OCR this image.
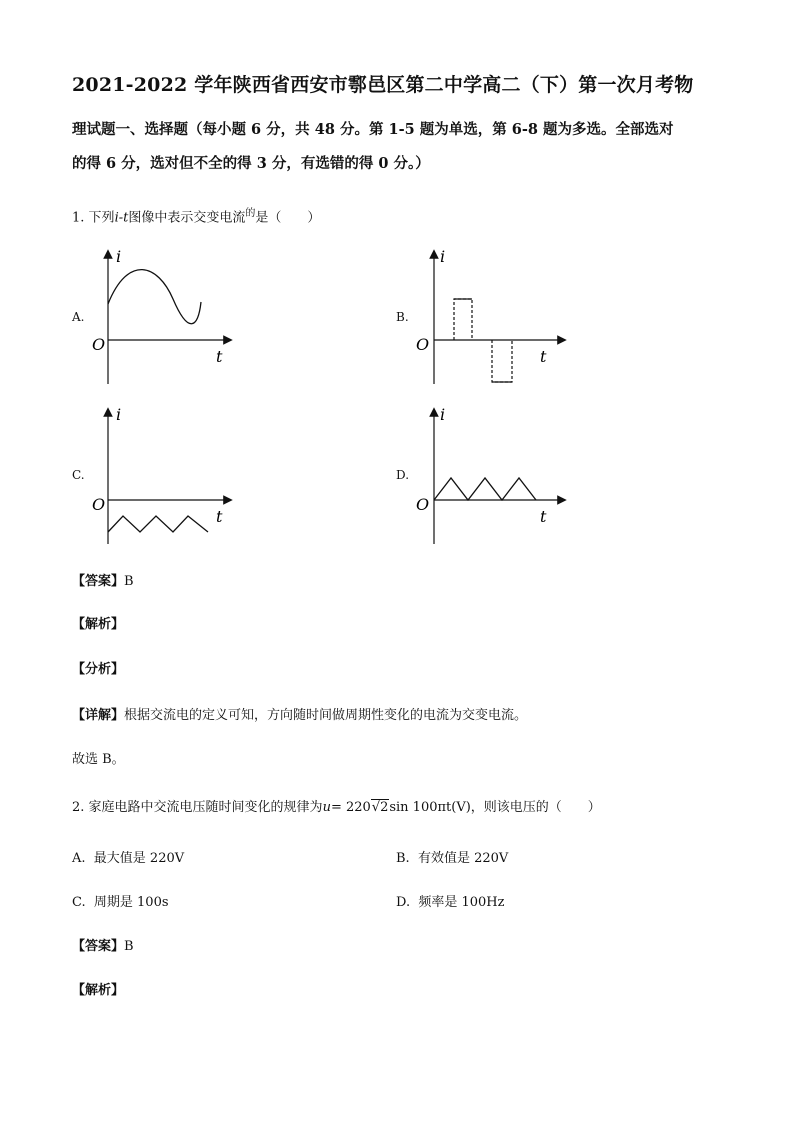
2021-2022 学年陕西省西安市鄠邑区第二中学高二（下）第一次月考物
理试题一、选择题（每小题 6 分，共 48 分。第 1-5 题为单选，第 6-8 题为多选。全部选对
的得 6 分，选对但不全的得 3 分，有选错的得 0 分。）
1. 下列i-t图像中表示交变电流$^的$是（　　）
A.	B.
C.	D.
i
O
t
i
O
t
i
O
t
i
O
t
【答案】B
【解析】
【分析】
【详解】根据交流电的定义可知，方向随时间做周期性变化的电流为交变电流。
故选 B。
2. 家庭电路中交流电压随时间变化的规律为u= 220√2sin 100πt(V)，则该电压的（　　）
A. 最大值是 220V	B. 有效值是 220V
C. 周期是 100s	D. 频率是 100Hz
【答案】B
【解析】
